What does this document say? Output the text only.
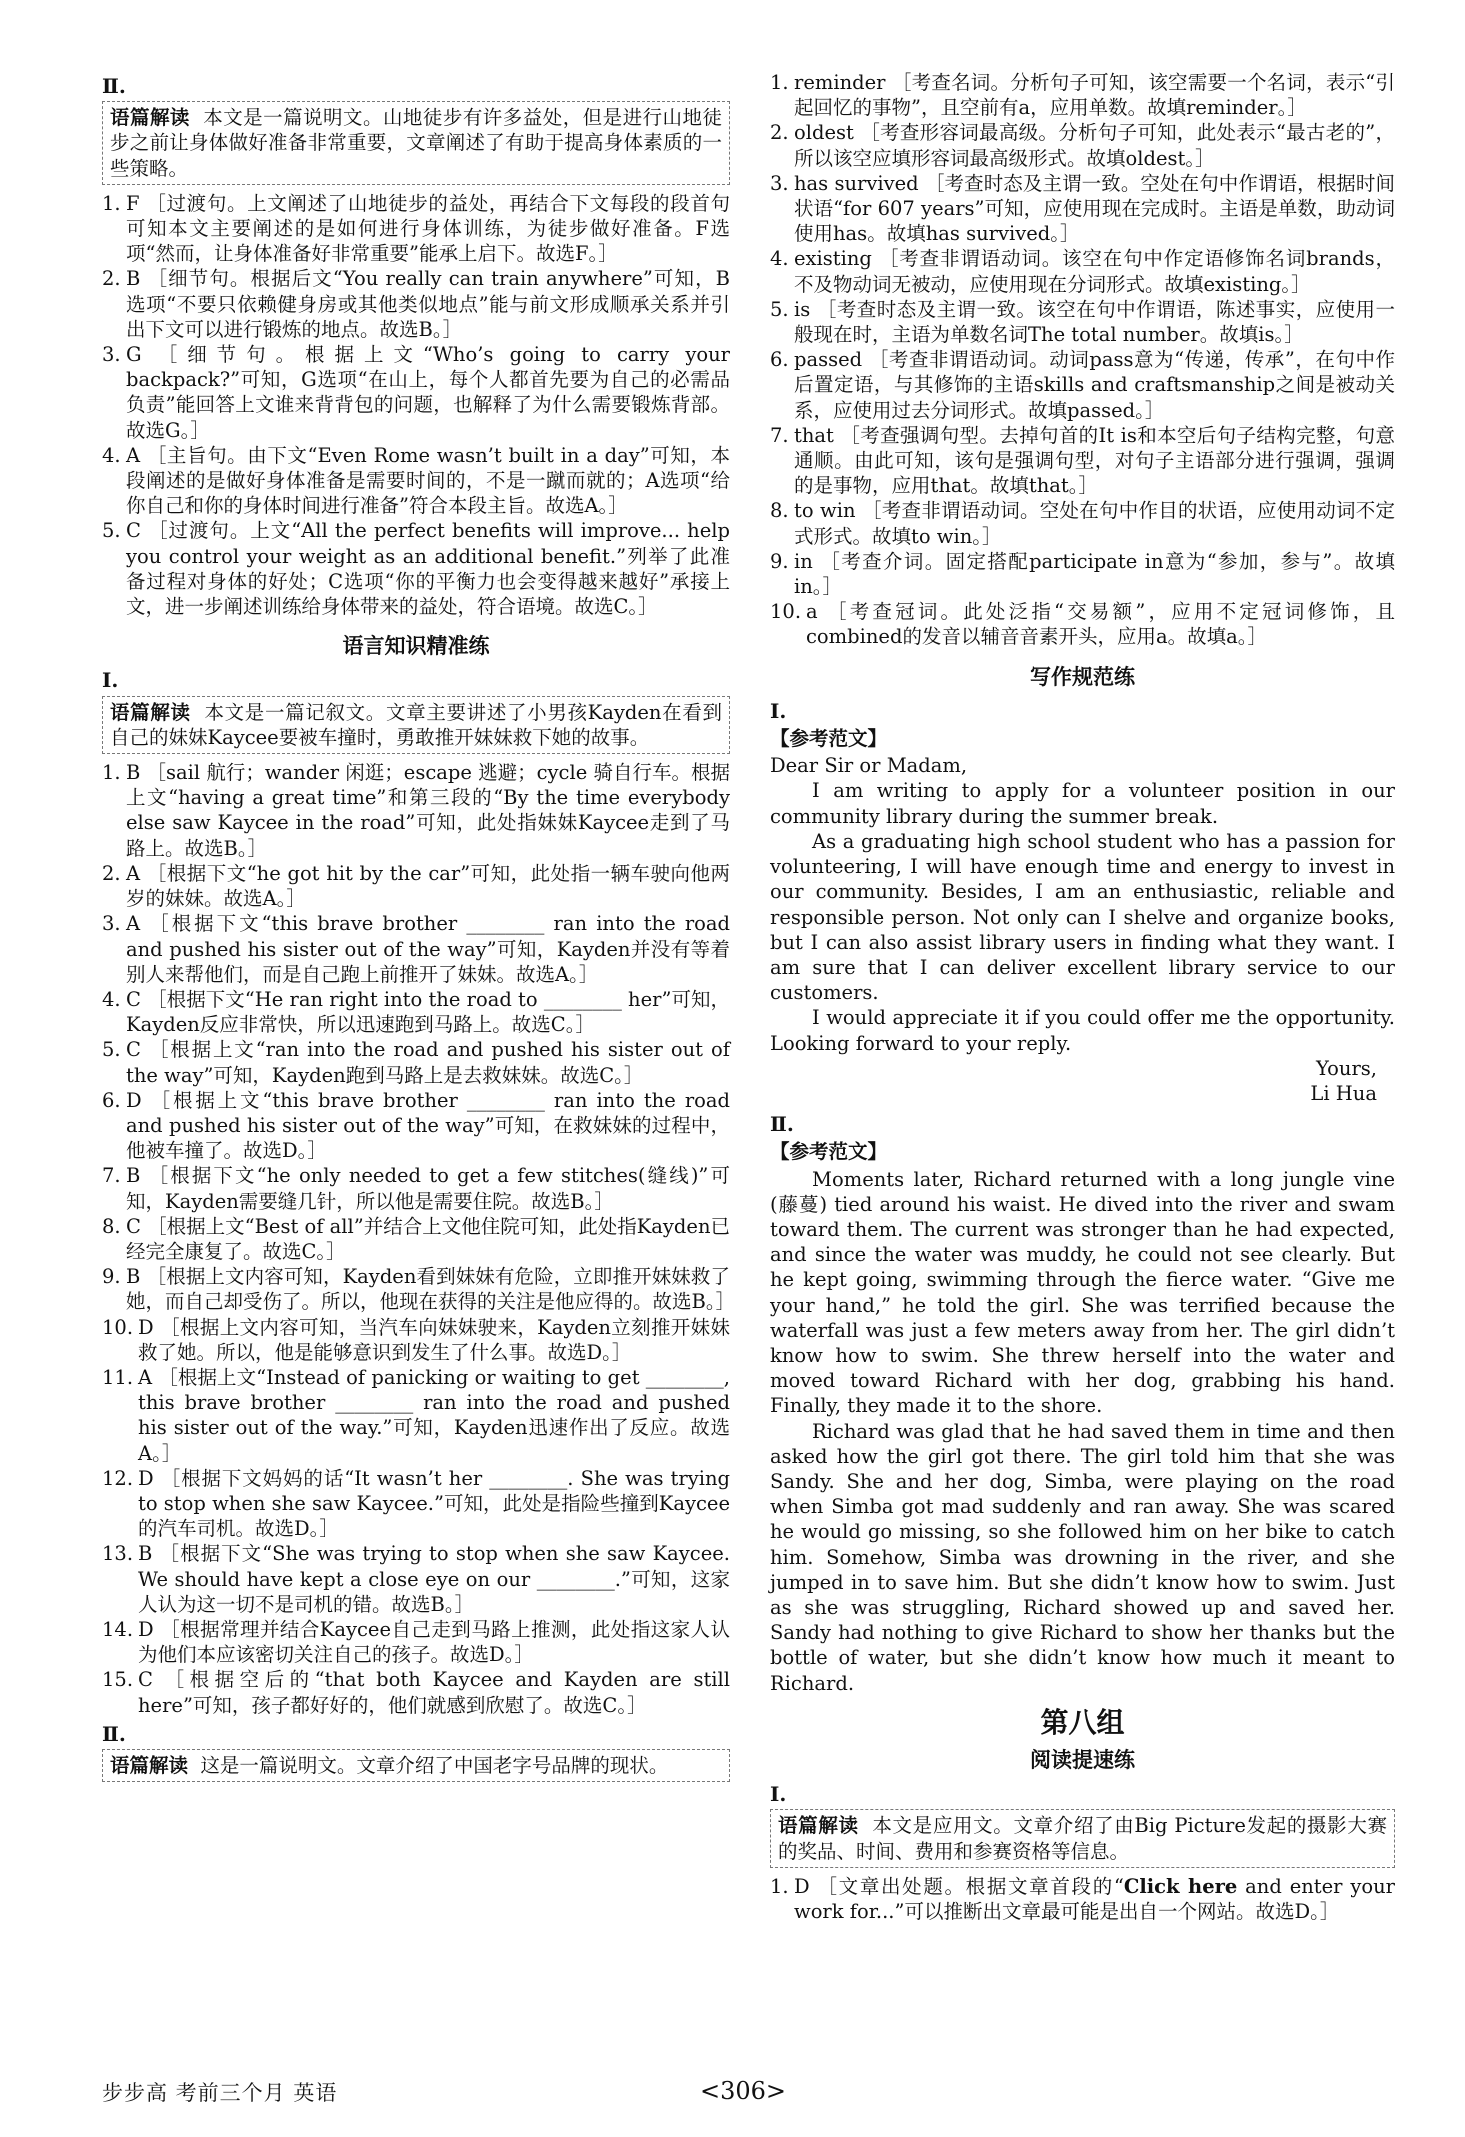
Ⅱ.
语篇解读 本文是一篇说明文。山地徒步有许多益处，但是进行山地徒步之前让身体做好准备非常重要，文章阐述了有助于提高身体素质的一些策略。
1. F ［过渡句。上文阐述了山地徒步的益处，再结合下文每段的段首句可知本文主要阐述的是如何进行身体训练，为徒步做好准备。F选项“然而，让身体准备好非常重要”能承上启下。故选F。］
2. B ［细节句。根据后文“You really can train anywhere”可知，B选项“不要只依赖健身房或其他类似地点”能与前文形成顺承关系并引出下文可以进行锻炼的地点。故选B。］
3. G ［细节句。根据上文“Who’s going to carry your backpack?”可知，G选项“在山上，每个人都首先要为自己的必需品负责”能回答上文谁来背背包的问题，也解释了为什么需要锻炼背部。故选G。］
4. A ［主旨句。由下文“Even Rome wasn’t built in a day”可知，本段阐述的是做好身体准备是需要时间的，不是一蹴而就的；A选项“给你自己和你的身体时间进行准备”符合本段主旨。故选A。］
5. C ［过渡句。上文“All the perfect benefits will improve... help you control your weight as an additional benefit.”列举了此准备过程对身体的好处；C选项“你的平衡力也会变得越来越好”承接上文，进一步阐述训练给身体带来的益处，符合语境。故选C。］
语言知识精准练
Ⅰ.
语篇解读 本文是一篇记叙文。文章主要讲述了小男孩Kayden在看到自己的妹妹Kaycee要被车撞时，勇敢推开妹妹救下她的故事。
1. B ［sail 航行；wander 闲逛；escape 逃避；cycle 骑自行车。根据上文“having a great time”和第三段的“By the time everybody else saw Kaycee in the road”可知，此处指妹妹Kaycee走到了马路上。故选B。］
2. A ［根据下文“he got hit by the car”可知，此处指一辆车驶向他两岁的妹妹。故选A。］
3. A ［根据下文“this brave brother ________ ran into the road and pushed his sister out of the way”可知，Kayden并没有等着别人来帮他们，而是自己跑上前推开了妹妹。故选A。］
4. C ［根据下文“He ran right into the road to ________ her”可知，Kayden反应非常快，所以迅速跑到马路上。故选C。］
5. C ［根据上文“ran into the road and pushed his sister out of the way”可知，Kayden跑到马路上是去救妹妹。故选C。］
6. D ［根据上文“this brave brother ________ ran into the road and pushed his sister out of the way”可知，在救妹妹的过程中，他被车撞了。故选D。］
7. B ［根据下文“he only needed to get a few stitches(缝线)”可知，Kayden需要缝几针，所以他是需要住院。故选B。］
8. C ［根据上文“Best of all”并结合上文他住院可知，此处指Kayden已经完全康复了。故选C。］
9. B ［根据上文内容可知，Kayden看到妹妹有危险，立即推开妹妹救了她，而自己却受伤了。所以，他现在获得的关注是他应得的。故选B。］
10. D ［根据上文内容可知，当汽车向妹妹驶来，Kayden立刻推开妹妹救了她。所以，他是能够意识到发生了什么事。故选D。］
11. A ［根据上文“Instead of panicking or waiting to get ________, this brave brother ________ ran into the road and pushed his sister out of the way.”可知，Kayden迅速作出了反应。故选A。］
12. D ［根据下文妈妈的话“It wasn’t her ________. She was trying to stop when she saw Kaycee.”可知，此处是指险些撞到Kaycee的汽车司机。故选D。］
13. B ［根据下文“She was trying to stop when she saw Kaycee. We should have kept a close eye on our ________.”可知，这家人认为这一切不是司机的错。故选B。］
14. D ［根据常理并结合Kaycee自己走到马路上推测，此处指这家人认为他们本应该密切关注自己的孩子。故选D。］
15. C ［根据空后的“that both Kaycee and Kayden are still here”可知，孩子都好好的，他们就感到欣慰了。故选C。］
Ⅱ.
语篇解读 这是一篇说明文。文章介绍了中国老字号品牌的现状。
1. reminder ［考查名词。分析句子可知，该空需要一个名词，表示“引起回忆的事物”，且空前有a，应用单数。故填reminder。］
2. oldest ［考查形容词最高级。分析句子可知，此处表示“最古老的”，所以该空应填形容词最高级形式。故填oldest。］
3. has survived ［考查时态及主谓一致。空处在句中作谓语，根据时间状语“for 607 years”可知，应使用现在完成时。主语是单数，助动词使用has。故填has survived。］
4. existing ［考查非谓语动词。该空在句中作定语修饰名词brands，不及物动词无被动，应使用现在分词形式。故填existing。］
5. is ［考查时态及主谓一致。该空在句中作谓语，陈述事实，应使用一般现在时，主语为单数名词The total number。故填is。］
6. passed ［考查非谓语动词。动词pass意为“传递，传承”，在句中作后置定语，与其修饰的主语skills and craftsmanship之间是被动关系，应使用过去分词形式。故填passed。］
7. that ［考查强调句型。去掉句首的It is和本空后句子结构完整，句意通顺。由此可知，该句是强调句型，对句子主语部分进行强调，强调的是事物，应用that。故填that。］
8. to win ［考查非谓语动词。空处在句中作目的状语，应使用动词不定式形式。故填to win。］
9. in ［考查介词。固定搭配participate in意为“参加，参与”。故填in。］
10. a ［考查冠词。此处泛指“交易额”，应用不定冠词修饰，且combined的发音以辅音音素开头，应用a。故填a。］
写作规范练
Ⅰ.
【参考范文】

Dear Sir or Madam,

I am writing to apply for a volunteer position in our community library during the summer break.

As a graduating high school student who has a passion for volunteering, I will have enough time and energy to invest in our community. Besides, I am an enthusiastic, reliable and responsible person. Not only can I shelve and organize books, but I can also assist library users in finding what they want. I am sure that I can deliver excellent library service to our customers.

I would appreciate it if you could offer me the opportunity. Looking forward to your reply.

Yours,

Li Hua

Ⅱ.
【参考范文】

Moments later, Richard returned with a long jungle vine (藤蔓) tied around his waist. He dived into the river and swam toward them. The current was stronger than he had expected, and since the water was muddy, he could not see clearly. But he kept going, swimming through the fierce water. “Give me your hand,” he told the girl. She was terrified because the waterfall was just a few meters away from her. The girl didn’t know how to swim. She threw herself into the water and moved toward Richard with her dog, grabbing his hand. Finally, they made it to the shore.

Richard was glad that he had saved them in time and then asked how the girl got there. The girl told him that she was Sandy. She and her dog, Simba, were playing on the road when Simba got mad suddenly and ran away. She was scared he would go missing, so she followed him on her bike to catch him. Somehow, Simba was drowning in the river, and she jumped in to save him. But she didn’t know how to swim. Just as she was struggling, Richard showed up and saved her. Sandy had nothing to give Richard to show her thanks but the bottle of water, but she didn’t know how much it meant to Richard.

第八组
阅读提速练
Ⅰ.
语篇解读 本文是应用文。文章介绍了由Big Picture发起的摄影大赛的奖品、时间、费用和参赛资格等信息。
1. D ［文章出处题。根据文章首段的“Click here and enter your work for...”可以推断出文章最可能是出自一个网站。故选D。］
步步高 考前三个月 英语	<306>
